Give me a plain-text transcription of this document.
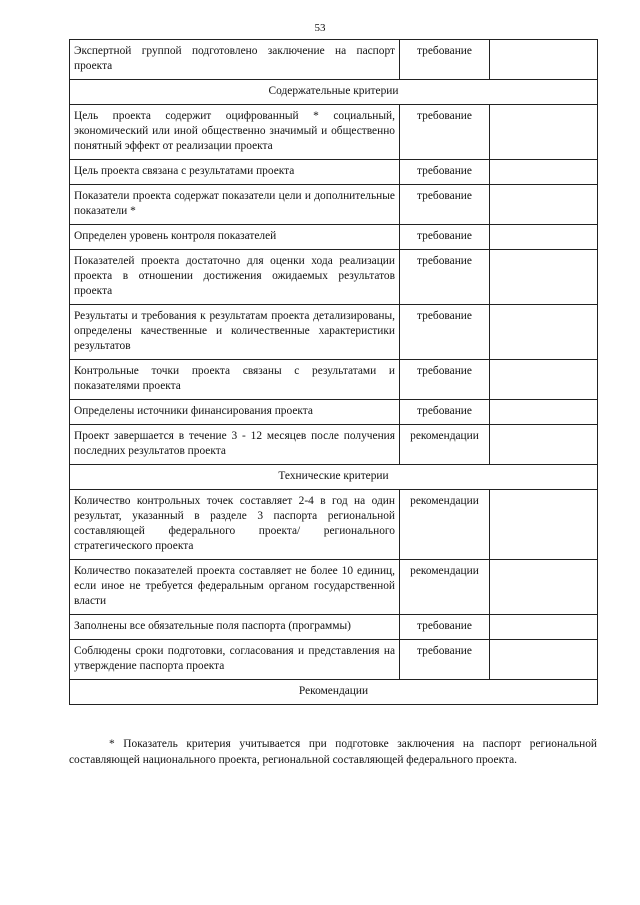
53
Экспертной группой подготовлено заключение на паспорт проекта	требование	
Содержательные критерии		
Цель проекта содержит оцифрованный * социальный, экономический или иной общественно значимый и общественно понятный эффект от реализации проекта	требование	
Цель проекта связана с результатами проекта	требование	
Показатели проекта содержат показатели цели и дополнительные показатели *	требование	
Определен уровень контроля показателей	требование	
Показателей проекта достаточно для оценки хода реализации проекта в отношении достижения ожидаемых результатов проекта	требование	
Результаты и требования к результатам проекта детализированы, определены качественные и количественные характеристики результатов	требование	
Контрольные точки проекта связаны с результатами и показателями проекта	требование	
Определены источники финансирования проекта	требование	
Проект завершается в течение 3 - 12 месяцев после получения последних результатов проекта	рекомендации	
Технические критерии		
Количество контрольных точек составляет 2-4 в год на один результат, указанный в разделе 3 паспорта региональной составляющей федерального проекта/ регионального стратегического проекта	рекомендации	
Количество показателей проекта составляет не более 10 единиц, если иное не требуется федеральным органом государственной власти	рекомендации	
Заполнены все обязательные поля паспорта (программы)	требование	
Соблюдены сроки подготовки, согласования и представления на утверждение паспорта проекта	требование	
Рекомендации		
* Показатель критерия учитывается при подготовке заключения на паспорт региональной составляющей национального проекта, региональной составляющей федерального проекта.
